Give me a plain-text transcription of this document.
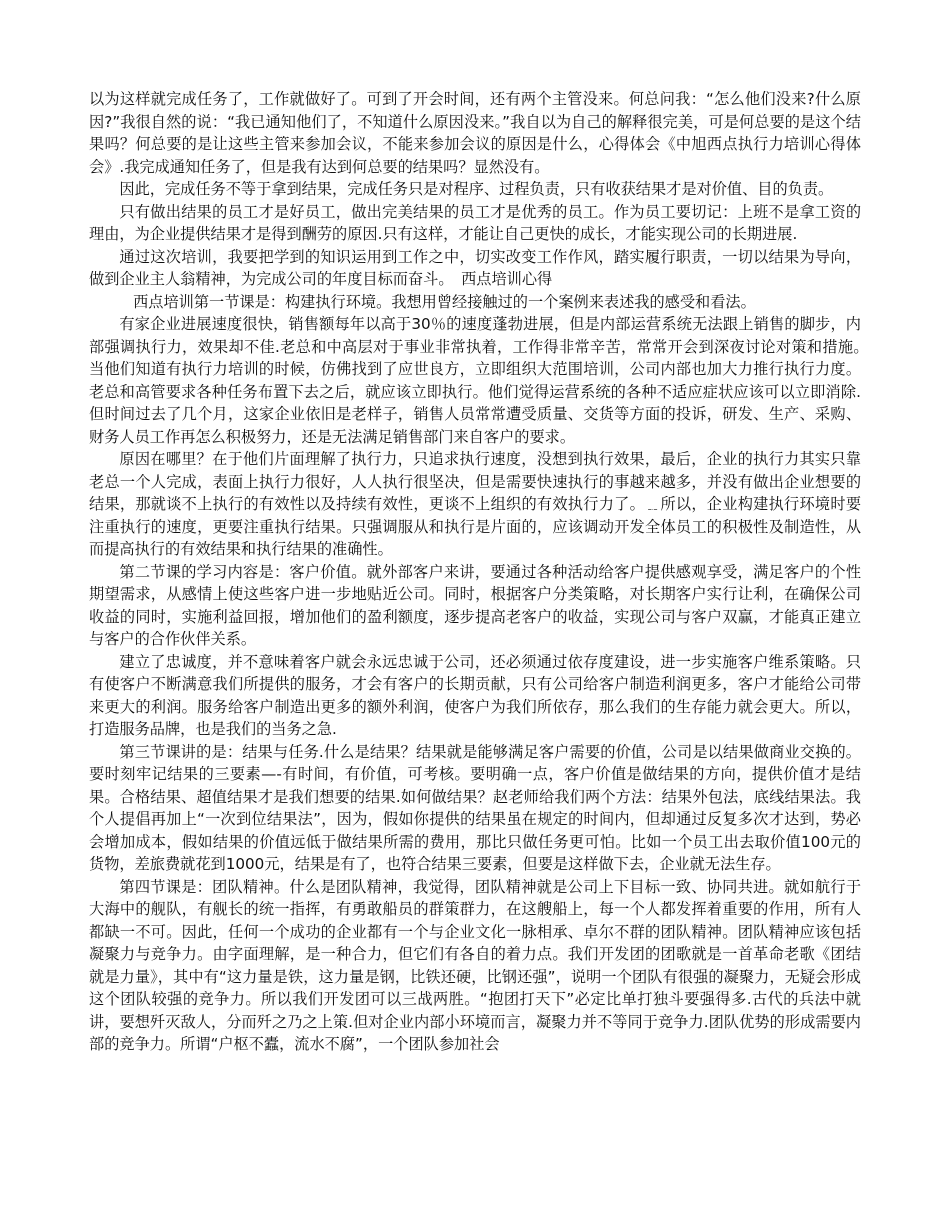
以为这样就完成任务了，工作就做好了。可到了开会时间，还有两个主管没来。何总问我：“怎么他们没来?什么原因?”我很自然的说：“我已通知他们了，不知道什么原因没来。”我自以为自己的解释很完美，可是何总要的是这个结果吗？何总要的是让这些主管来参加会议，不能来参加会议的原因是什么，心得体会《中旭西点执行力培训心得体会》.我完成通知任务了，但是我有达到何总要的结果吗？显然没有。

因此，完成任务不等于拿到结果，完成任务只是对程序、过程负责，只有收获结果才是对价值、目的负责。

只有做出结果的员工才是好员工，做出完美结果的员工才是优秀的员工。作为员工要切记：上班不是拿工资的理由，为企业提供结果才是得到酬劳的原因.只有这样，才能让自己更快的成长，才能实现公司的长期进展.

通过这次培训，我要把学到的知识运用到工作之中，切实改变工作作风，踏实履行职责，一切以结果为导向，做到企业主人翁精神，为完成公司的年度目标而奋斗。　西点培训心得

西点培训第一节课是：构建执行环境。我想用曾经接触过的一个案例来表述我的感受和看法。

有家企业进展速度很快，销售额每年以高于30％的速度蓬勃进展，但是内部运营系统无法跟上销售的脚步，内部强调执行力，效果却不佳.老总和中高层对于事业非常执着，工作得非常辛苦，常常开会到深夜讨论对策和措施。　当他们知道有执行力培训的时候，仿佛找到了应世良方，立即组织大范围培训，公司内部也加大力推行执行力度。老总和高管要求各种任务布置下去之后，就应该立即执行。他们觉得运营系统的各种不适应症状应该可以立即消除.但时间过去了几个月，这家企业依旧是老样子，销售人员常常遭受质量、交货等方面的投诉，研发、生产、采购、财务人员工作再怎么积极努力，还是无法满足销售部门来自客户的要求。

原因在哪里？在于他们片面理解了执行力，只追求执行速度，没想到执行效果，最后，企业的执行力其实只靠老总一个人完成，表面上执行力很好，人人执行很坚决，但是需要快速执行的事越来越多，并没有做出企业想要的结果，那就谈不上执行的有效性以及持续有效性，更谈不上组织的有效执行力了。﹎所以，企业构建执行环境时要注重执行的速度，更要注重执行结果。只强调服从和执行是片面的，应该调动开发全体员工的积极性及制造性，从而提高执行的有效结果和执行结果的准确性。

第二节课的学习内容是：客户价值。就外部客户来讲，要通过各种活动给客户提供感观享受，满足客户的个性期望需求，从感情上使这些客户进一步地贴近公司。同时，根据客户分类策略，对长期客户实行让利，在确保公司收益的同时，实施利益回报，增加他们的盈利额度，逐步提高老客户的收益，实现公司与客户双赢，才能真正建立与客户的合作伙伴关系。

建立了忠诚度，并不意味着客户就会永远忠诚于公司，还必须通过依存度建设，进一步实施客户维系策略。只有使客户不断满意我们所提供的服务，才会有客户的长期贡献，只有公司给客户制造利润更多，客户才能给公司带来更大的利润。服务给客户制造出更多的额外利润，使客户为我们所依存，那么我们的生存能力就会更大。所以，打造服务品牌，也是我们的当务之急.

第三节课讲的是：结果与任务.什么是结果？结果就是能够满足客户需要的价值，公司是以结果做商业交换的。要时刻牢记结果的三要素—-有时间，有价值，可考核。要明确一点，客户价值是做结果的方向，提供价值才是结果。合格结果、超值结果才是我们想要的结果.如何做结果？赵老师给我们两个方法：结果外包法，底线结果法。我个人提倡再加上“一次到位结果法”，因为，假如你提供的结果虽在规定的时间内，但却通过反复多次才达到，势必会增加成本，假如结果的价值远低于做结果所需的费用，那比只做任务更可怕。比如一个员工出去取价值100元的货物，差旅费就花到1000元，结果是有了，也符合结果三要素，但要是这样做下去，企业就无法生存。

第四节课是：团队精神。什么是团队精神，我觉得，团队精神就是公司上下目标一致、协同共进。就如航行于大海中的舰队，有舰长的统一指挥，有勇敢船员的群策群力，在这艘船上，每一个人都发挥着重要的作用，所有人都缺一不可。因此，任何一个成功的企业都有一个与企业文化一脉相承、卓尔不群的团队精神。团队精神应该包括凝聚力与竞争力。由字面理解，是一种合力，但它们有各自的着力点。我们开发团的团歌就是一首革命老歌《团结就是力量》，其中有“这力量是铁，这力量是钢，比铁还硬，比钢还强”，说明一个团队有很强的凝聚力，无疑会形成这个团队较强的竞争力。所以我们开发团可以三战两胜。“抱团打天下”必定比单打独斗要强得多.古代的兵法中就讲，要想歼灭敌人，分而歼之乃之上策.但对企业内部小环境而言，凝聚力并不等同于竞争力.团队优势的形成需要内部的竞争力。所谓“户枢不蠹，流水不腐”，一个团队参加社会
